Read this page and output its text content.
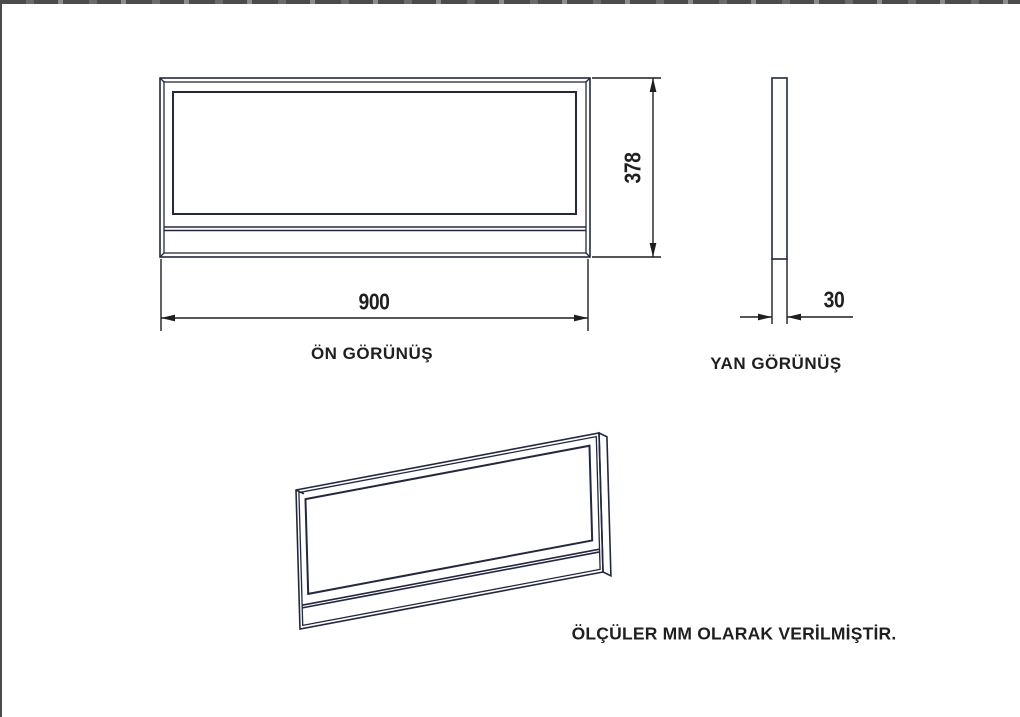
900
378
30
ÖN GÖRÜNÜŞ
YAN GÖRÜNÜŞ
ÖLÇÜLER MM OLARAK VERİLMİŞTİR.
